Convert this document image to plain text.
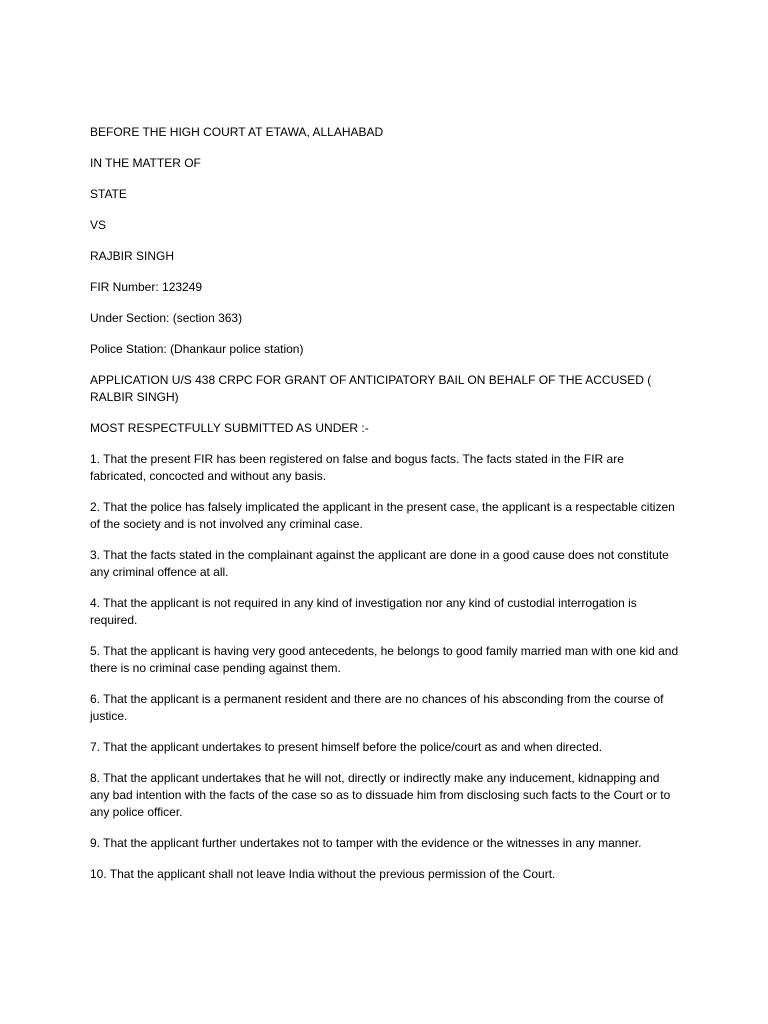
BEFORE THE HIGH COURT AT ETAWA, ALLAHABAD
IN THE MATTER OF
STATE
VS
RAJBIR SINGH
FIR Number: 123249
Under Section: (section 363)
Police Station: (Dhankaur police station)
APPLICATION U/S 438 CRPC FOR GRANT OF ANTICIPATORY BAIL ON BEHALF OF THE ACCUSED ( RALBIR SINGH)
MOST RESPECTFULLY SUBMITTED AS UNDER :-
1. That the present FIR has been registered on false and bogus facts. The facts stated in the FIR are fabricated, concocted and without any basis.
2. That the police has falsely implicated the applicant in the present case, the applicant is a respectable citizen of the society and is not involved any criminal case.
3. That the facts stated in the complainant against the applicant are done in a good cause does not constitute any criminal offence at all.
4. That the applicant is not required in any kind of investigation nor any kind of custodial interrogation is required.
5. That the applicant is having very good antecedents, he belongs to good family married man with one kid and there is no criminal case pending against them.
6. That the applicant is a permanent resident and there are no chances of his absconding from the course of justice.
7. That the applicant undertakes to present himself before the police/court as and when directed.
8. That the applicant undertakes that he will not, directly or indirectly make any inducement, kidnapping and any bad intention with the facts of the case so as to dissuade him from disclosing such facts to the Court or to any police officer.
9. That the applicant further undertakes not to tamper with the evidence or the witnesses in any manner.
10. That the applicant shall not leave India without the previous permission of the Court.
